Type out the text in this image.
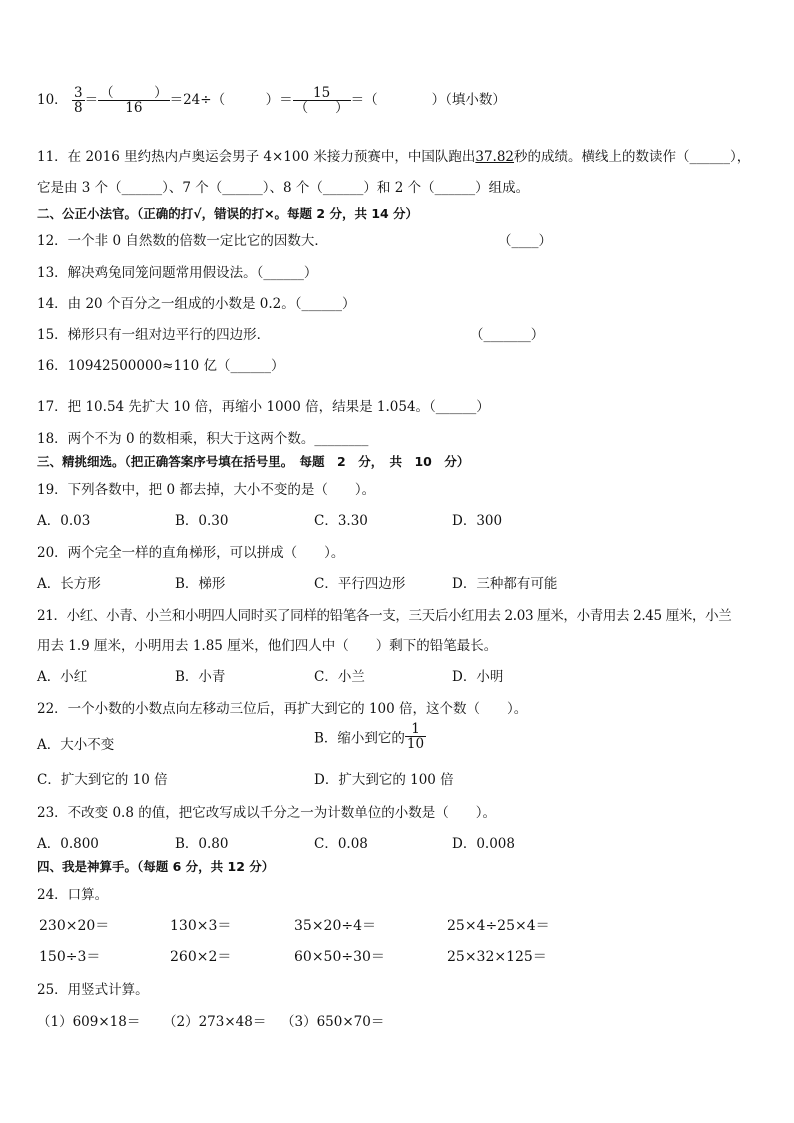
10． $\frac{3}{8} = \frac{( )}{16} =24\div$（　　　）＝ $\frac{15}{( )}$ ＝（　　　　）（填小数）
11．在 2016 里约热内卢奥运会男子 4×100 米接力预赛中，中国队跑出37.82秒的成绩。横线上的数读作（______），
它是由 3 个（______）、7 个（______）、8 个（______）和 2 个（______）组成。
二、公正小法官。（正确的打√，错误的打×。每题 2 分，共 14 分）
12．一个非 0 自然数的倍数一定比它的因数大．	（____）
13．解决鸡兔同笼问题常用假设法。（______）
14．由 20 个百分之一组成的小数是 0.2。（______）
15．梯形只有一组对边平行的四边形．	（_______）
16．10942500000≈110 亿（______）
17．把 10.54 先扩大 10 倍，再缩小 1000 倍，结果是 1.054。（______）
18．两个不为 0 的数相乘，积大于这两个数。________
三、精挑细选。（把正确答案序号填在括号里。　每题　2　分，　共　10　分）
19．下列各数中，把 0 都去掉，大小不变的是（　　）。
A．0.03	B．0.30	C．3.30	D．300
20．两个完全一样的直角梯形，可以拼成（　　）。
A．长方形	B．梯形	C．平行四边形	D．三种都有可能
21．小红、小青、小兰和小明四人同时买了同样的铅笔各一支，三天后小红用去 2.03 厘米，小青用去 2.45 厘米，小兰
用去 1.9 厘米，小明用去 1.85 厘米，他们四人中（　　）剩下的铅笔最长。
A．小红	B．小青	C．小兰	D．小明
22．一个小数的小数点向左移动三位后，再扩大到它的 100 倍，这个数（　　）。
A．大小不变	B．缩小到它的 $\frac{1}{10}$
C．扩大到它的 10 倍	D．扩大到它的 100 倍
23．不改变 0.8 的值，把它改写成以千分之一为计数单位的小数是（　　）。
A．0.800	B．0.80	C．0.08	D．0.008
四、我是神算手。（每题 6 分，共 12 分）
24．口算。
230×20＝	130×3＝	35×20÷4＝	25×4÷25×4＝
150÷3＝	260×2＝	60×50÷30＝	25×32×125＝
25．用竖式计算。
（1）609×18＝ （2）273×48＝ （3）650×70＝
